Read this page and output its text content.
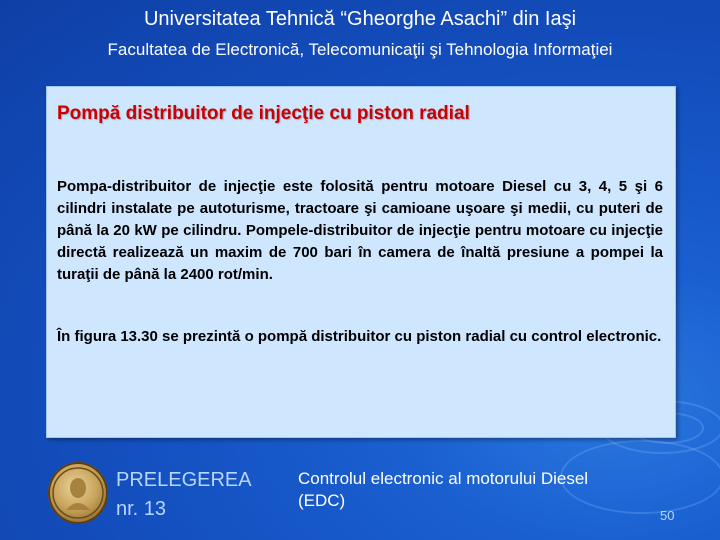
Universitatea Tehnică “Gheorghe Asachi” din Iaşi
Facultatea de Electronică, Telecomunicaţii şi Tehnologia Informaţiei
Pompă distribuitor de injecţie cu piston radial
Pompa-distribuitor de injecţie este folosită pentru motoare Diesel cu 3, 4, 5 şi 6 cilindri instalate pe autoturisme, tractoare şi camioane uşoare şi medii, cu puteri de până la 20 kW pe cilindru. Pompele-distribuitor de injecţie pentru motoare cu injecţie directă realizează un maxim de 700 bari în camera de înaltă presiune a pompei la turaţii de până la 2400 rot/min.
În figura 13.30 se prezintă o pompă distribuitor cu piston radial cu control electronic.
PRELEGEREA
nr. 13
Controlul electronic al motorului Diesel (EDC)
50
